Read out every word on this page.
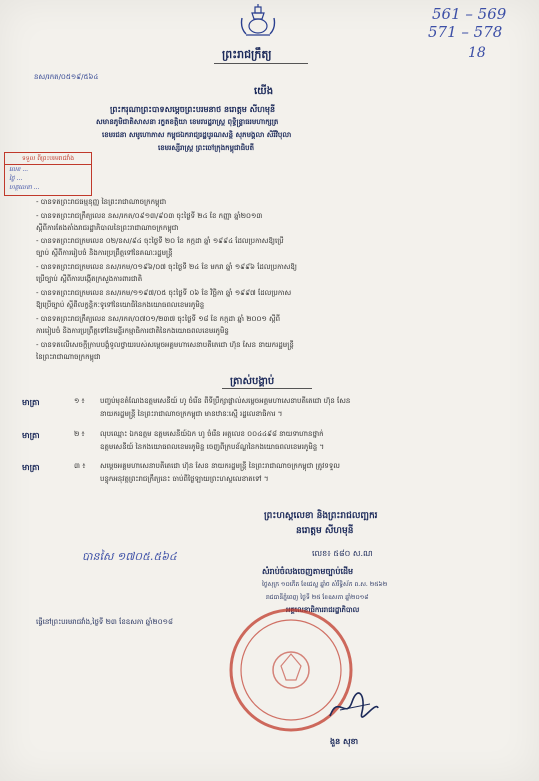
561 – 569
571 – 578
18
ព្រះរាជក្រឹត្យ
នស/រកត/០៥១៩/៥៦៤
យើង
ព្រះករុណាព្រះបាទសម្តេចព្រះបរមនាថ នរោត្តម សីហមុនី
សមានភូមិជាតិសាសនា រក្ខតខត្តិយា ខេមរារដ្ឋរាស្ត្រ ពុទ្ធិន្ទ្រាធរមហាក្សត្រ
ខេមរជនា សមូហោភាស កម្ពុជឯករាជ្យរដ្ឋបូរណសន្តិ សុភមង្គលា សិរីវិបុលា
ខេមរស្សីរាស្ត្រ ព្រះចៅក្រុងកម្ពុជាធិបតី
ទទួល ពីព្រះបរមរាជវាំង
លេខ ...
ថ្ងៃ ...
ហត្ថលេខា ...
- បានទតព្រះរាជធម្មនុញ្ញ នៃព្រះរាជាណាចក្រកម្ពុជា
- បានទតព្រះរាជក្រឹត្យលេខ នស/រកត/០៩១៣/៩០៣ ចុះថ្ងៃទី ២៤ ខែ កញ្ញា ឆ្នាំ២០១៣
ស្តីពីការតែងតាំងរាជរដ្ឋាភិបាលនៃព្រះរាជាណាចក្រកម្ពុជា
- បានទតព្រះរាជក្រមលេខ ០២/នស/៩៤ ចុះថ្ងៃទី ២០ ខែ កក្កដា ឆ្នាំ ១៩៩៤ ដែលប្រកាសឱ្យប្រើ
ច្បាប់ ស្តីពីការរៀបចំ និងការប្រព្រឹត្តទៅនៃគណៈរដ្ឋមន្ត្រី
- បានទតព្រះរាជក្រមលេខ នស/រកម/០១៩៦/០៧ ចុះថ្ងៃទី ២៤ ខែ មករា ឆ្នាំ ១៩៩៦ ដែលប្រកាសឱ្យ
ប្រើច្បាប់ ស្តីពីការបង្កើតក្រសួងការពារជាតិ
- បានទតព្រះរាជក្រមលេខ នស/រកម/១១៩៧/០៥ ចុះថ្ងៃទី ០៦ ខែ វិច្ឆិកា ឆ្នាំ ១៩៩៧ ដែលប្រកាស
ឱ្យប្រើច្បាប់ ស្តីពីលក្ខន្តិកៈទូទៅនៃយោធិនៃកងយោធពលខេមរភូមិន្ទ
- បានទតព្រះរាជក្រឹត្យលេខ នស/រកត/០៧០១/២៣៧ ចុះថ្ងៃទី ១៨ ខែ កក្កដា ឆ្នាំ ២០០១ ស្តីពី
ការរៀបចំ និងការប្រព្រឹត្តទៅនៃមន្ទីរកម្មាធិការជាតិនៃកងយោធពលខេមរភូមិន្ទ
- បានទតលើសេចក្តីក្រាបបង្គំទូលថ្វាយរបស់សម្តេចអគ្គមហាសេនាបតីតេជោ ហ៊ុន សែន នាយករដ្ឋមន្ត្រី
នៃព្រះរាជាណាចក្រកម្ពុជា
ត្រាស់បង្គាប់
មាត្រា	១ ៖ បញ្ចប់មុខតំណែងឧត្តមសេនីយ៍ ហូ ចំរើន ពីទីប្រឹក្សាផ្ទាល់សម្តេចអគ្គមហាសេនាបតីតេជោ ហ៊ុន សែន
នាយករដ្ឋមន្ត្រី នៃព្រះរាជាណាចក្រកម្ពុជា មានឋានៈស្មើ រដ្ឋលេខាធិការ ។
មាត្រា	២ ៖ លុបឈ្មោះ ឯកឧត្តម ឧត្តមសេនីយ៍ឯក ហូ ចំរើន អត្តលេខ ០០៤៤៩៨ នាយទាហានថ្នាក់
ឧត្តមសេនីយ៍ នៃកងយោធពលខេមរភូមិន្ទ ចេញពីក្របខ័ណ្ឌនៃកងយោធពលខេមរភូមិន្ទ ។
មាត្រា	៣ ៖ សម្តេចអគ្គមហាសេនាបតីតេជោ ហ៊ុន សែន នាយករដ្ឋមន្ត្រី នៃព្រះរាជាណាចក្រកម្ពុជា ត្រូវទទួល
បន្ទុកអនុវត្តព្រះរាជក្រឹត្យនេះ ចាប់ពីថ្ងៃឡាយព្រះហស្ថលេខាតទៅ ។
ព្រះហស្តលេខា និងព្រះរាជលញ្ឆករ
នរោត្តម សីហមុនី
បានសៃ ១៧០៥.៥៦៤	លេខ៖ ៥៨០ ស.ណ
សំរាប់ចំលងចេញតាមច្បាប់ដើម
ថ្ងៃសុក្រ ១០កើត ខែជេស្ឋ ឆ្នាំច សំរឹទ្ធិស័ក ព.ស. ២៥៦២
រាជធានីភ្នំពេញ ថ្ងៃទី ២៥ ខែឧសភា ឆ្នាំ២០១៨
អគ្គលេខាធិការរាជរដ្ឋាភិបាល
ធ្វើនៅព្រះបរមរាជវាំង,ថ្ងៃទី ២៣ ខែឧសភា ឆ្នាំ២០១៨
ងួន សុខា
